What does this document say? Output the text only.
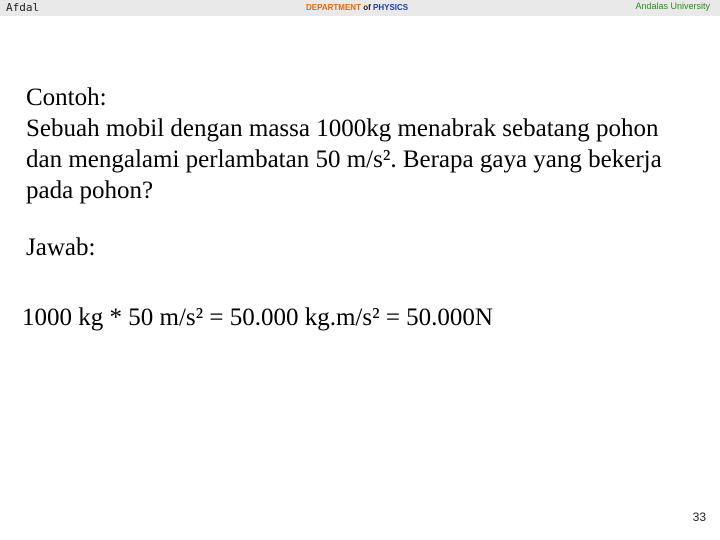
Afdal	DEPARTMENT of PHYSICS	Andalas University

Contoh:

Sebuah mobil dengan massa 1000kg menabrak sebatang pohon dan mengalami perlambatan 50 m/s². Berapa gaya yang bekerja pada pohon?

Jawab:

1000 kg * 50 m/s² = 50.000 kg.m/s² = 50.000N
33
